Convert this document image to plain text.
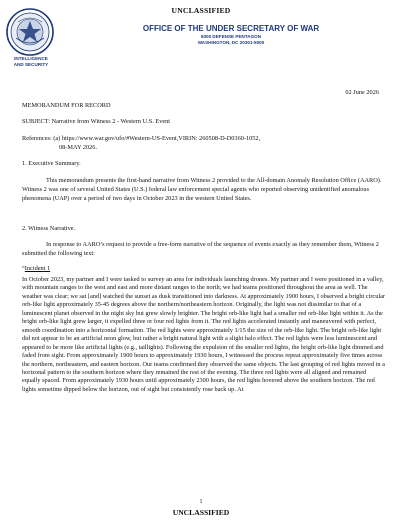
INTELLIGENCE
AND SECURITY
UNCLASSIFIED
OFFICE OF THE UNDER SECRETARY OF WAR
5000 DEFENSE PENTAGON
WASHINGTON, DC 20301-5000
02 June 2026
MEMORANDUM FOR RECORD
SUBJECT: Narrative from Witness 2 - Western U.S. Event
References: (a) https://www.war.gov/ufo/#Western-US-Event,VIRIN: 260508-D-D0360-1052,
08-MAY 2026.
1. Executive Summary.
This memorandum presents the first-hand narrative from Witness 2 provided to the All-domain Anomaly Resolution Office (AARO). Witness 2 was one of several United States (U.S.) federal law enforcement special agents who reported observing unidentified anomalous phenomena (UAP) over a period of two days in October 2023 in the western United States.
2. Witness Narrative.
In response to AARO’s request to provide a free-form narrative of the sequence of events exactly as they remember them, Witness 2 submitted the following text:
“Incident 1
In October 2023, my partner and I were tasked to survey an area for individuals launching drones. My partner and I were positioned in a valley, with mountain ranges to the west and east and more distant ranges to the north; we had teams positioned throughout the area as well. The weather was clear; we sat [and] watched the sunset as dusk transitioned into darkness. At approximately 1900 hours, I observed a bright circular orb-like light approximately 35-45 degrees above the northern/northeastern horizon. Originally, the light was not dissimilar to that of a luminescent planet observed in the night sky but grew slowly brighter. The bright orb-like light had a smaller red orb-like light within it. As the bright orb-like light grew larger, it expelled three or four red lights from it. The red lights accelerated instantly and maneuvered with perfect, smooth coordination into a horizontal formation. The red lights were approximately 1/15 the size of the orb-like light. The bright orb-like light did not appear to be an artificial neon glow, but rather a bright natural light with a slight halo effect. The red lights were less luminescent and appeared to be more like artificial lights (e.g., taillights). Following the expulsion of the smaller red lights, the bright orb-like light dimmed and faded from sight. From approximately 1900 hours to approximately 1930 hours, I witnessed the process repeat approximately five times across the northern, northeastern, and eastern horizon. Our teams confirmed they observed the same objects. The last grouping of red lights moved in a horizonal pattern to the southern horizon where they remained the rest of the evening. The three red lights were all aligned and remained equally spaced. From approximately 1930 hours until approximately 2300 hours, the red lights hovered above the southern horizon. The red lights sometime dipped below the horizon, out of sight but consistently rose back up. At
1
UNCLASSIFIED
